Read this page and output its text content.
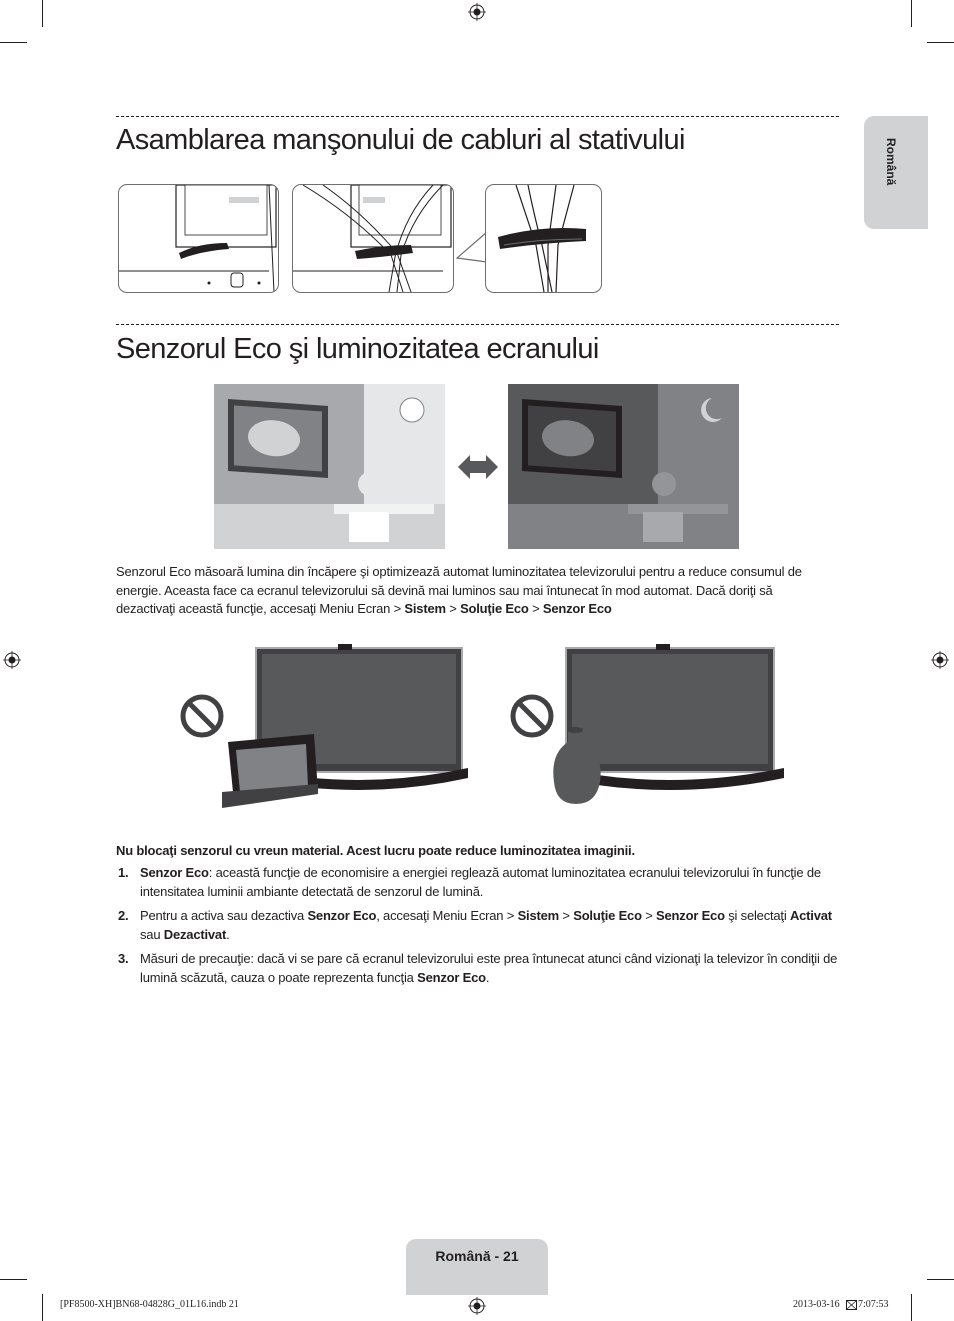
Română
Asamblarea manşonului de cabluri al stativului
Senzorul Eco şi luminozitatea ecranului
Senzorul Eco măsoară lumina din încăpere şi optimizează automat luminozitatea televizorului pentru a reduce consumul de energie. Aceasta face ca ecranul televizorului să devină mai luminos sau mai întunecat în mod automat. Dacă doriţi să dezactivaţi această funcţie, accesaţi Meniu Ecran > Sistem > Soluţie Eco > Senzor Eco
Nu blocaţi senzorul cu vreun material. Acest lucru poate reduce luminozitatea imaginii.
1. Senzor Eco: această funcţie de economisire a energiei reglează automat luminozitatea ecranului televizorului în funcţie de intensitatea luminii ambiante detectată de senzorul de lumină.
2. Pentru a activa sau dezactiva Senzor Eco, accesaţi Meniu Ecran > Sistem > Soluţie Eco > Senzor Eco şi selectaţi Activat sau Dezactivat.
3. Măsuri de precauţie: dacă vi se pare că ecranul televizorului este prea întunecat atunci când vizionaţi la televizor în condiţii de lumină scăzută, cauza o poate reprezenta funcţia Senzor Eco.
Română - 21
[PF8500-XH]BN68-04828G_01L16.indb 21	2013-03-16 7:07:53
